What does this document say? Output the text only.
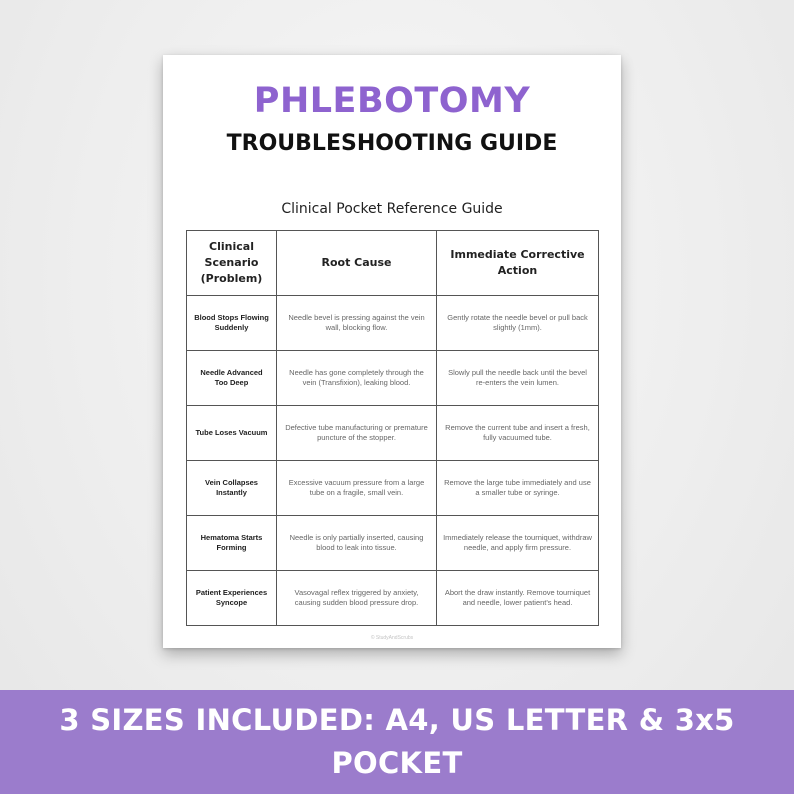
PHLEBOTOMY
TROUBLESHOOTING GUIDE
Clinical Pocket Reference Guide
Clinical Scenario (Problem)	Root Cause	Immediate Corrective Action
Blood Stops Flowing Suddenly	Needle bevel is pressing against the vein wall, blocking flow.	Gently rotate the needle bevel or pull back slightly (1mm).
Needle Advanced Too Deep	Needle has gone completely through the vein (Transfixion), leaking blood.	Slowly pull the needle back until the bevel re-enters the vein lumen.
Tube Loses Vacuum	Defective tube manufacturing or premature puncture of the stopper.	Remove the current tube and insert a fresh, fully vacuumed tube.
Vein Collapses Instantly	Excessive vacuum pressure from a large tube on a fragile, small vein.	Remove the large tube immediately and use a smaller tube or syringe.
Hematoma Starts Forming	Needle is only partially inserted, causing blood to leak into tissue.	Immediately release the tourniquet, withdraw needle, and apply firm pressure.
Patient Experiences Syncope	Vasovagal reflex triggered by anxiety, causing sudden blood pressure drop.	Abort the draw instantly. Remove tourniquet and needle, lower patient's head.
© StudyAndScrubs
3 SIZES INCLUDED: A4, US LETTER & 3x5 POCKET
